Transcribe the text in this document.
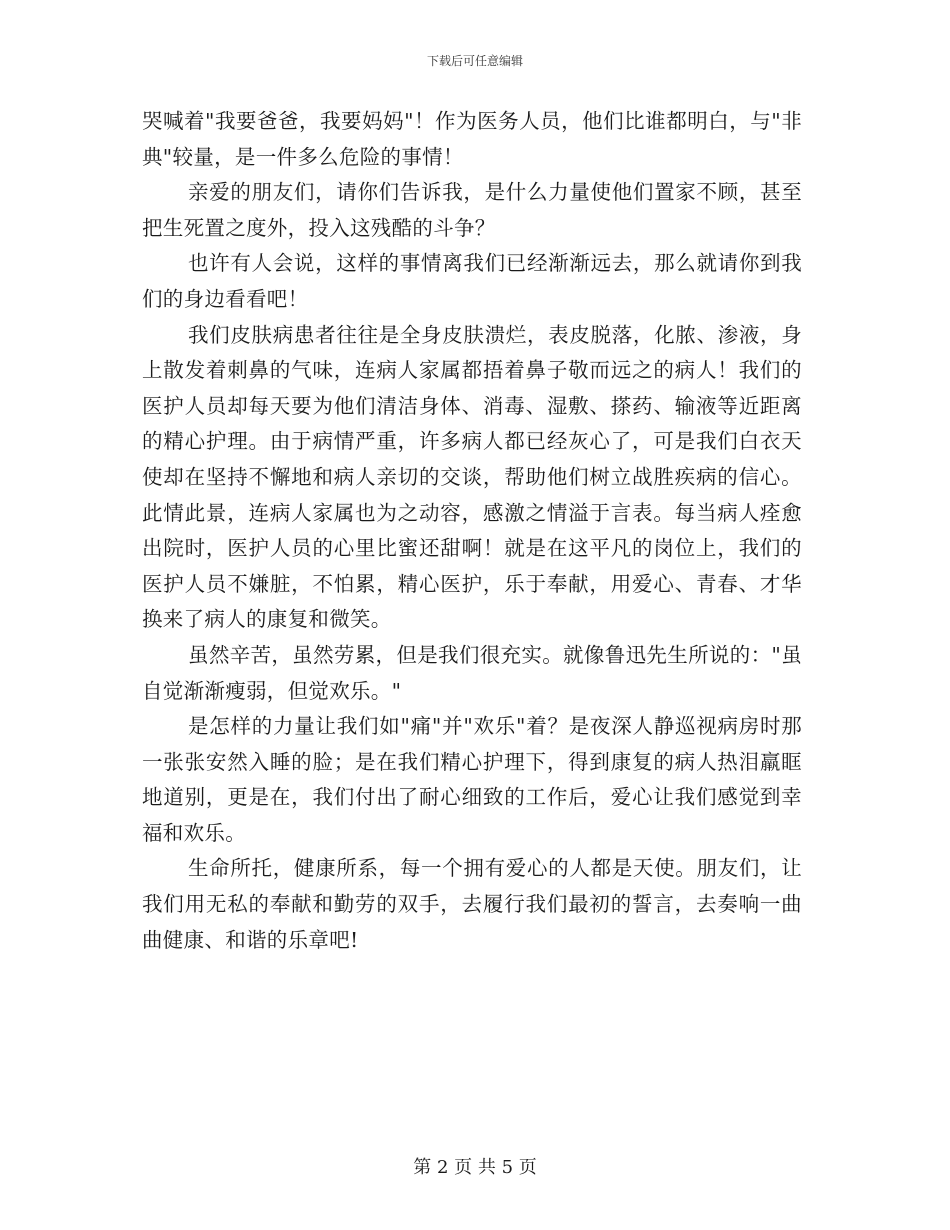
下载后可任意编辑

哭喊着"我要爸爸，我要妈妈"！作为医务人员，他们比谁都明白，与"非典"较量，是一件多么危险的事情！

亲爱的朋友们，请你们告诉我，是什么力量使他们置家不顾，甚至把生死置之度外，投入这残酷的斗争？

也许有人会说，这样的事情离我们已经渐渐远去，那么就请你到我们的身边看看吧！

我们皮肤病患者往往是全身皮肤溃烂，表皮脱落，化脓、渗液，身上散发着刺鼻的气味，连病人家属都捂着鼻子敬而远之的病人！我们的医护人员却每天要为他们清洁身体、消毒、湿敷、搽药、输液等近距离的精心护理。由于病情严重，许多病人都已经灰心了，可是我们白衣天使却在坚持不懈地和病人亲切的交谈，帮助他们树立战胜疾病的信心。此情此景，连病人家属也为之动容，感激之情溢于言表。每当病人痊愈出院时，医护人员的心里比蜜还甜啊！就是在这平凡的岗位上，我们的医护人员不嫌脏，不怕累，精心医护，乐于奉献，用爱心、青春、才华换来了病人的康复和微笑。

虽然辛苦，虽然劳累，但是我们很充实。就像鲁迅先生所说的："虽自觉渐渐瘦弱，但觉欢乐。"

是怎样的力量让我们如"痛"并"欢乐"着？是夜深人静巡视病房时那一张张安然入睡的脸；是在我们精心护理下，得到康复的病人热泪羸眶地道别，更是在，我们付出了耐心细致的工作后，爱心让我们感觉到幸福和欢乐。

生命所托，健康所系，每一个拥有爱心的人都是天使。朋友们，让我们用无私的奉献和勤劳的双手，去履行我们最初的誓言，去奏响一曲曲健康、和谐的乐章吧!

第 2 页 共 5 页
